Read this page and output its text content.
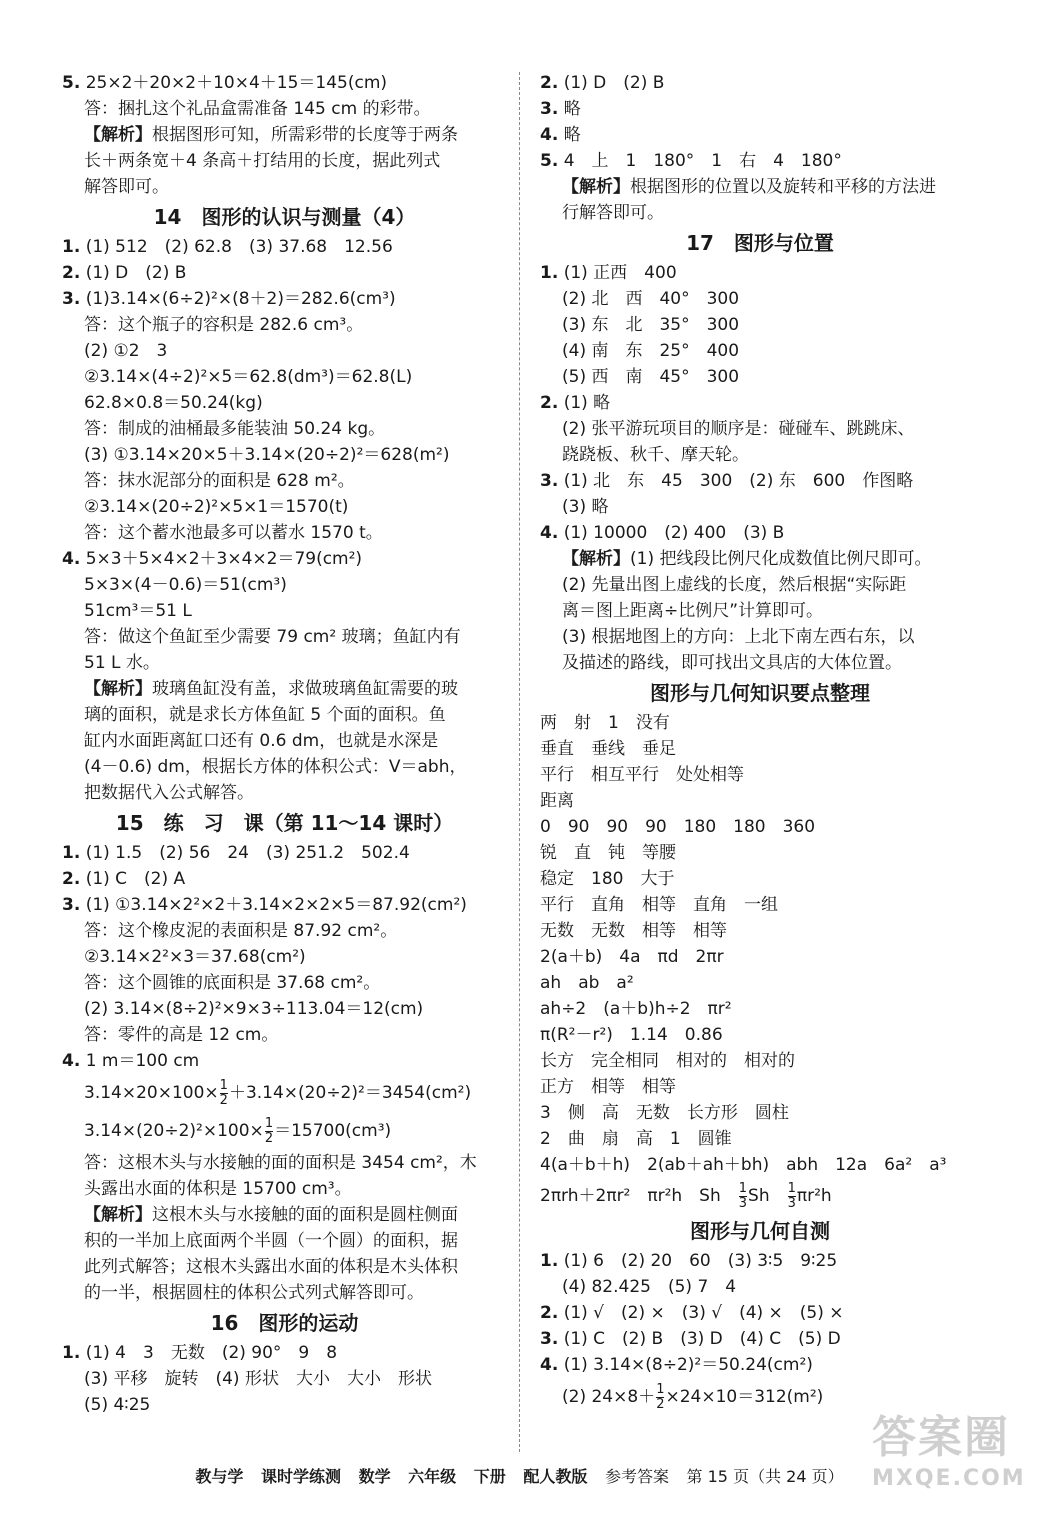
5. 25×2＋20×2＋10×4＋15＝145(cm)
答：捆扎这个礼品盒需准备 145 cm 的彩带。
【解析】根据图形可知，所需彩带的长度等于两条
长＋两条宽＋4 条高＋打结用的长度，据此列式
解答即可。
14　图形的认识与测量（4）
1. (1) 512　(2) 62.8　(3) 37.68　12.56
2. (1) D　(2) B
3. (1)3.14×(6÷2)²×(8＋2)＝282.6(cm³)
答：这个瓶子的容积是 282.6 cm³。
(2) ①2　3
②3.14×(4÷2)²×5＝62.8(dm³)＝62.8(L)
62.8×0.8＝50.24(kg)
答：制成的油桶最多能装油 50.24 kg。
(3) ①3.14×20×5＋3.14×(20÷2)²＝628(m²)
答：抹水泥部分的面积是 628 m²。
②3.14×(20÷2)²×5×1＝1570(t)
答：这个蓄水池最多可以蓄水 1570 t。
4. 5×3＋5×4×2＋3×4×2＝79(cm²)
5×3×(4－0.6)＝51(cm³)
51cm³＝51 L
答：做这个鱼缸至少需要 79 cm² 玻璃；鱼缸内有
51 L 水。
【解析】玻璃鱼缸没有盖，求做玻璃鱼缸需要的玻
璃的面积，就是求长方体鱼缸 5 个面的面积。鱼
缸内水面距离缸口还有 0.6 dm，也就是水深是
(4－0.6) dm，根据长方体的体积公式：V＝abh，
把数据代入公式解答。
15　练　习　课（第 11～14 课时）
1. (1) 1.5　(2) 56　24　(3) 251.2　502.4
2. (1) C　(2) A
3. (1) ①3.14×2²×2＋3.14×2×2×5＝87.92(cm²)
答：这个橡皮泥的表面积是 87.92 cm²。
②3.14×2²×3＝37.68(cm²)
答：这个圆锥的底面积是 37.68 cm²。
(2) 3.14×(8÷2)²×9×3÷113.04＝12(cm)
答：零件的高是 12 cm。
4. 1 m＝100 cm
$3.14\times 20\times 100\times \frac{1}{2} +3.14\times(20\div 2)^2=3454(cm^2)$
$3.14\times(20\div 2)^2\times 100\times \frac{1}{2} =15700(cm^3)$
答：这根木头与水接触的面的面积是 3454 cm²，木
头露出水面的体积是 15700 cm³。
【解析】这根木头与水接触的面的面积是圆柱侧面
积的一半加上底面两个半圆（一个圆）的面积，据
此列式解答；这根木头露出水面的体积是木头体积
的一半，根据圆柱的体积公式列式解答即可。
16　图形的运动
1. (1) 4　3　无数　(2) 90°　9　8
(3) 平移　旋转　(4) 形状　大小　大小　形状
(5) 4∶25
2. (1) D　(2) B
3. 略
4. 略
5. 4　上　1　180°　1　右　4　180°
【解析】根据图形的位置以及旋转和平移的方法进
行解答即可。
17　图形与位置
1. (1) 正西　400
(2) 北　西　40°　300
(3) 东　北　35°　300
(4) 南　东　25°　400
(5) 西　南　45°　300
2. (1) 略
(2) 张平游玩项目的顺序是：碰碰车、跳跳床、
跷跷板、秋千、摩天轮。
3. (1) 北　东　45　300　(2) 东　600　作图略
(3) 略
4. (1) 10000　(2) 400　(3) B
【解析】(1) 把线段比例尺化成数值比例尺即可。
(2) 先量出图上虚线的长度，然后根据“实际距
离＝图上距离÷比例尺”计算即可。
(3) 根据地图上的方向：上北下南左西右东，以
及描述的路线，即可找出文具店的大体位置。
图形与几何知识要点整理
两　射　1　没有
垂直　垂线　垂足
平行　相互平行　处处相等
距离
0　90　90　90　180　180　360
锐　直　钝　等腰
稳定　180　大于
平行　直角　相等　直角　一组
无数　无数　相等　相等
2(a＋b)　4a　πd　2πr
ah　ab　a²
ah÷2　(a＋b)h÷2　πr²
π(R²－r²)　1.14　0.86
长方　完全相同　相对的　相对的
正方　相等　相等
3　侧　高　无数　长方形　圆柱
2　曲　扇　高　1　圆锥
4(a＋b＋h)　2(ab＋ah＋bh)　abh　12a　6a²　a³
2πrh＋2πr²　πr²h　Sh　 $\frac{1}{3}$ Sh　 $\frac{1}{3} \pi r^2h$
图形与几何自测
1. (1) 6　(2) 20　60　(3) 3∶5　9∶25
(4) 82.425　(5) 7　4
2. (1) √　(2) ×　(3) √　(4) ×　(5) ×
3. (1) C　(2) B　(3) D　(4) C　(5) D
4. (1) 3.14×(8÷2)²＝50.24(cm²)
(2) $24\times 8+ \frac{1}{2} \times 24\times 10=312(m^2)$
教与学 课时学练测 数学 六年级 下册 配人教版 参考答案 第 15 页（共 24 页）
答案圈
MXQE.COM
